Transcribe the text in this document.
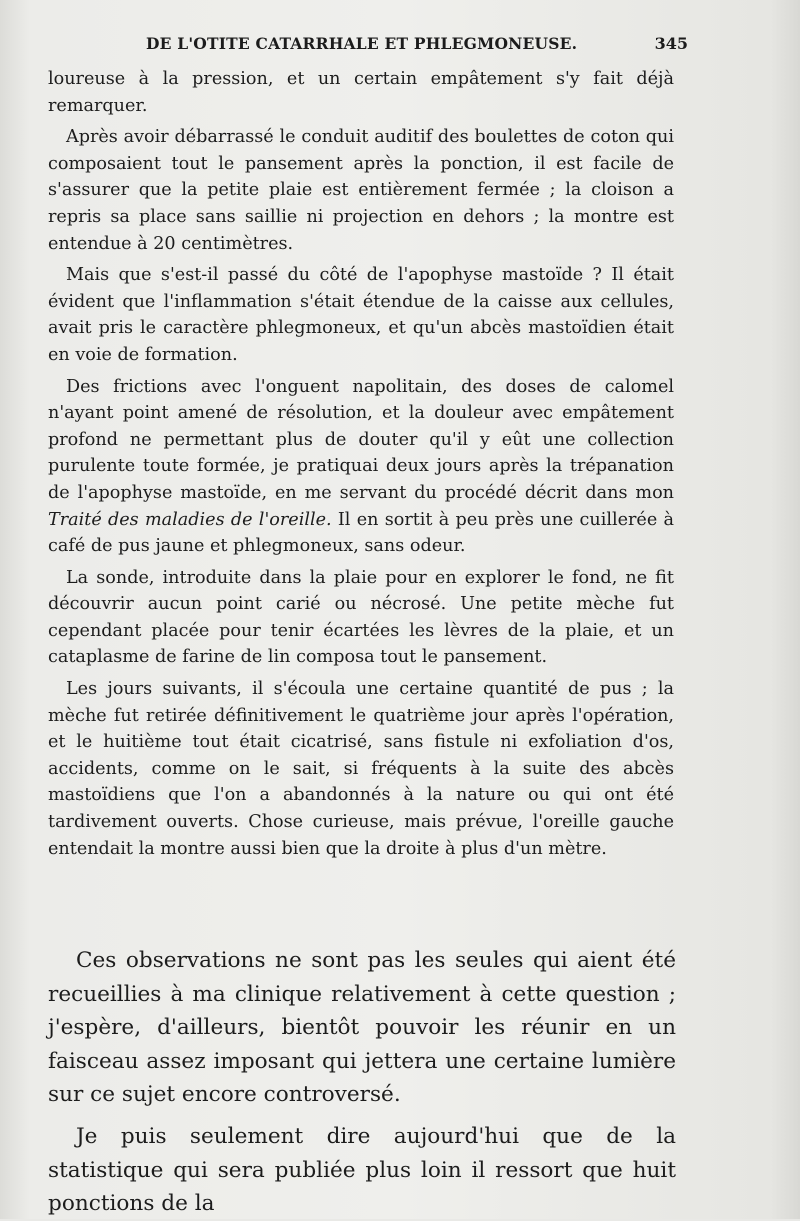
DE L'OTITE CATARRHALE ET PHLEGMONEUSE.	345

loureuse à la pression, et un certain empâtement s'y fait déjà remarquer.

Après avoir débarrassé le conduit auditif des boulettes de coton qui composaient tout le pansement après la ponction, il est facile de s'assurer que la petite plaie est entièrement fermée ; la cloison a repris sa place sans saillie ni projection en dehors ; la montre est entendue à 20 centimètres.

Mais que s'est-il passé du côté de l'apophyse mastoïde ? Il était évident que l'inflammation s'était étendue de la caisse aux cellules, avait pris le caractère phlegmoneux, et qu'un abcès mastoïdien était en voie de formation.

Des frictions avec l'onguent napolitain, des doses de calomel n'ayant point amené de résolution, et la douleur avec empâtement profond ne permettant plus de douter qu'il y eût une collection purulente toute formée, je pratiquai deux jours après la trépanation de l'apophyse mastoïde, en me servant du procédé décrit dans mon Traité des maladies de l'oreille. Il en sortit à peu près une cuillerée à café de pus jaune et phlegmoneux, sans odeur.

La sonde, introduite dans la plaie pour en explorer le fond, ne fit découvrir aucun point carié ou nécrosé. Une petite mèche fut cependant placée pour tenir écartées les lèvres de la plaie, et un cataplasme de farine de lin composa tout le pansement.

Les jours suivants, il s'écoula une certaine quantité de pus ; la mèche fut retirée définitivement le quatrième jour après l'opération, et le huitième tout était cicatrisé, sans fistule ni exfoliation d'os, accidents, comme on le sait, si fréquents à la suite des abcès mastoïdiens que l'on a abandonnés à la nature ou qui ont été tardivement ouverts. Chose curieuse, mais prévue, l'oreille gauche entendait la montre aussi bien que la droite à plus d'un mètre.

Ces observations ne sont pas les seules qui aient été recueillies à ma clinique relativement à cette question ; j'espère, d'ailleurs, bientôt pouvoir les réunir en un faisceau assez imposant qui jettera une certaine lumière sur ce sujet encore controversé.

Je puis seulement dire aujourd'hui que de la statistique qui sera publiée plus loin il ressort que huit ponctions de la
